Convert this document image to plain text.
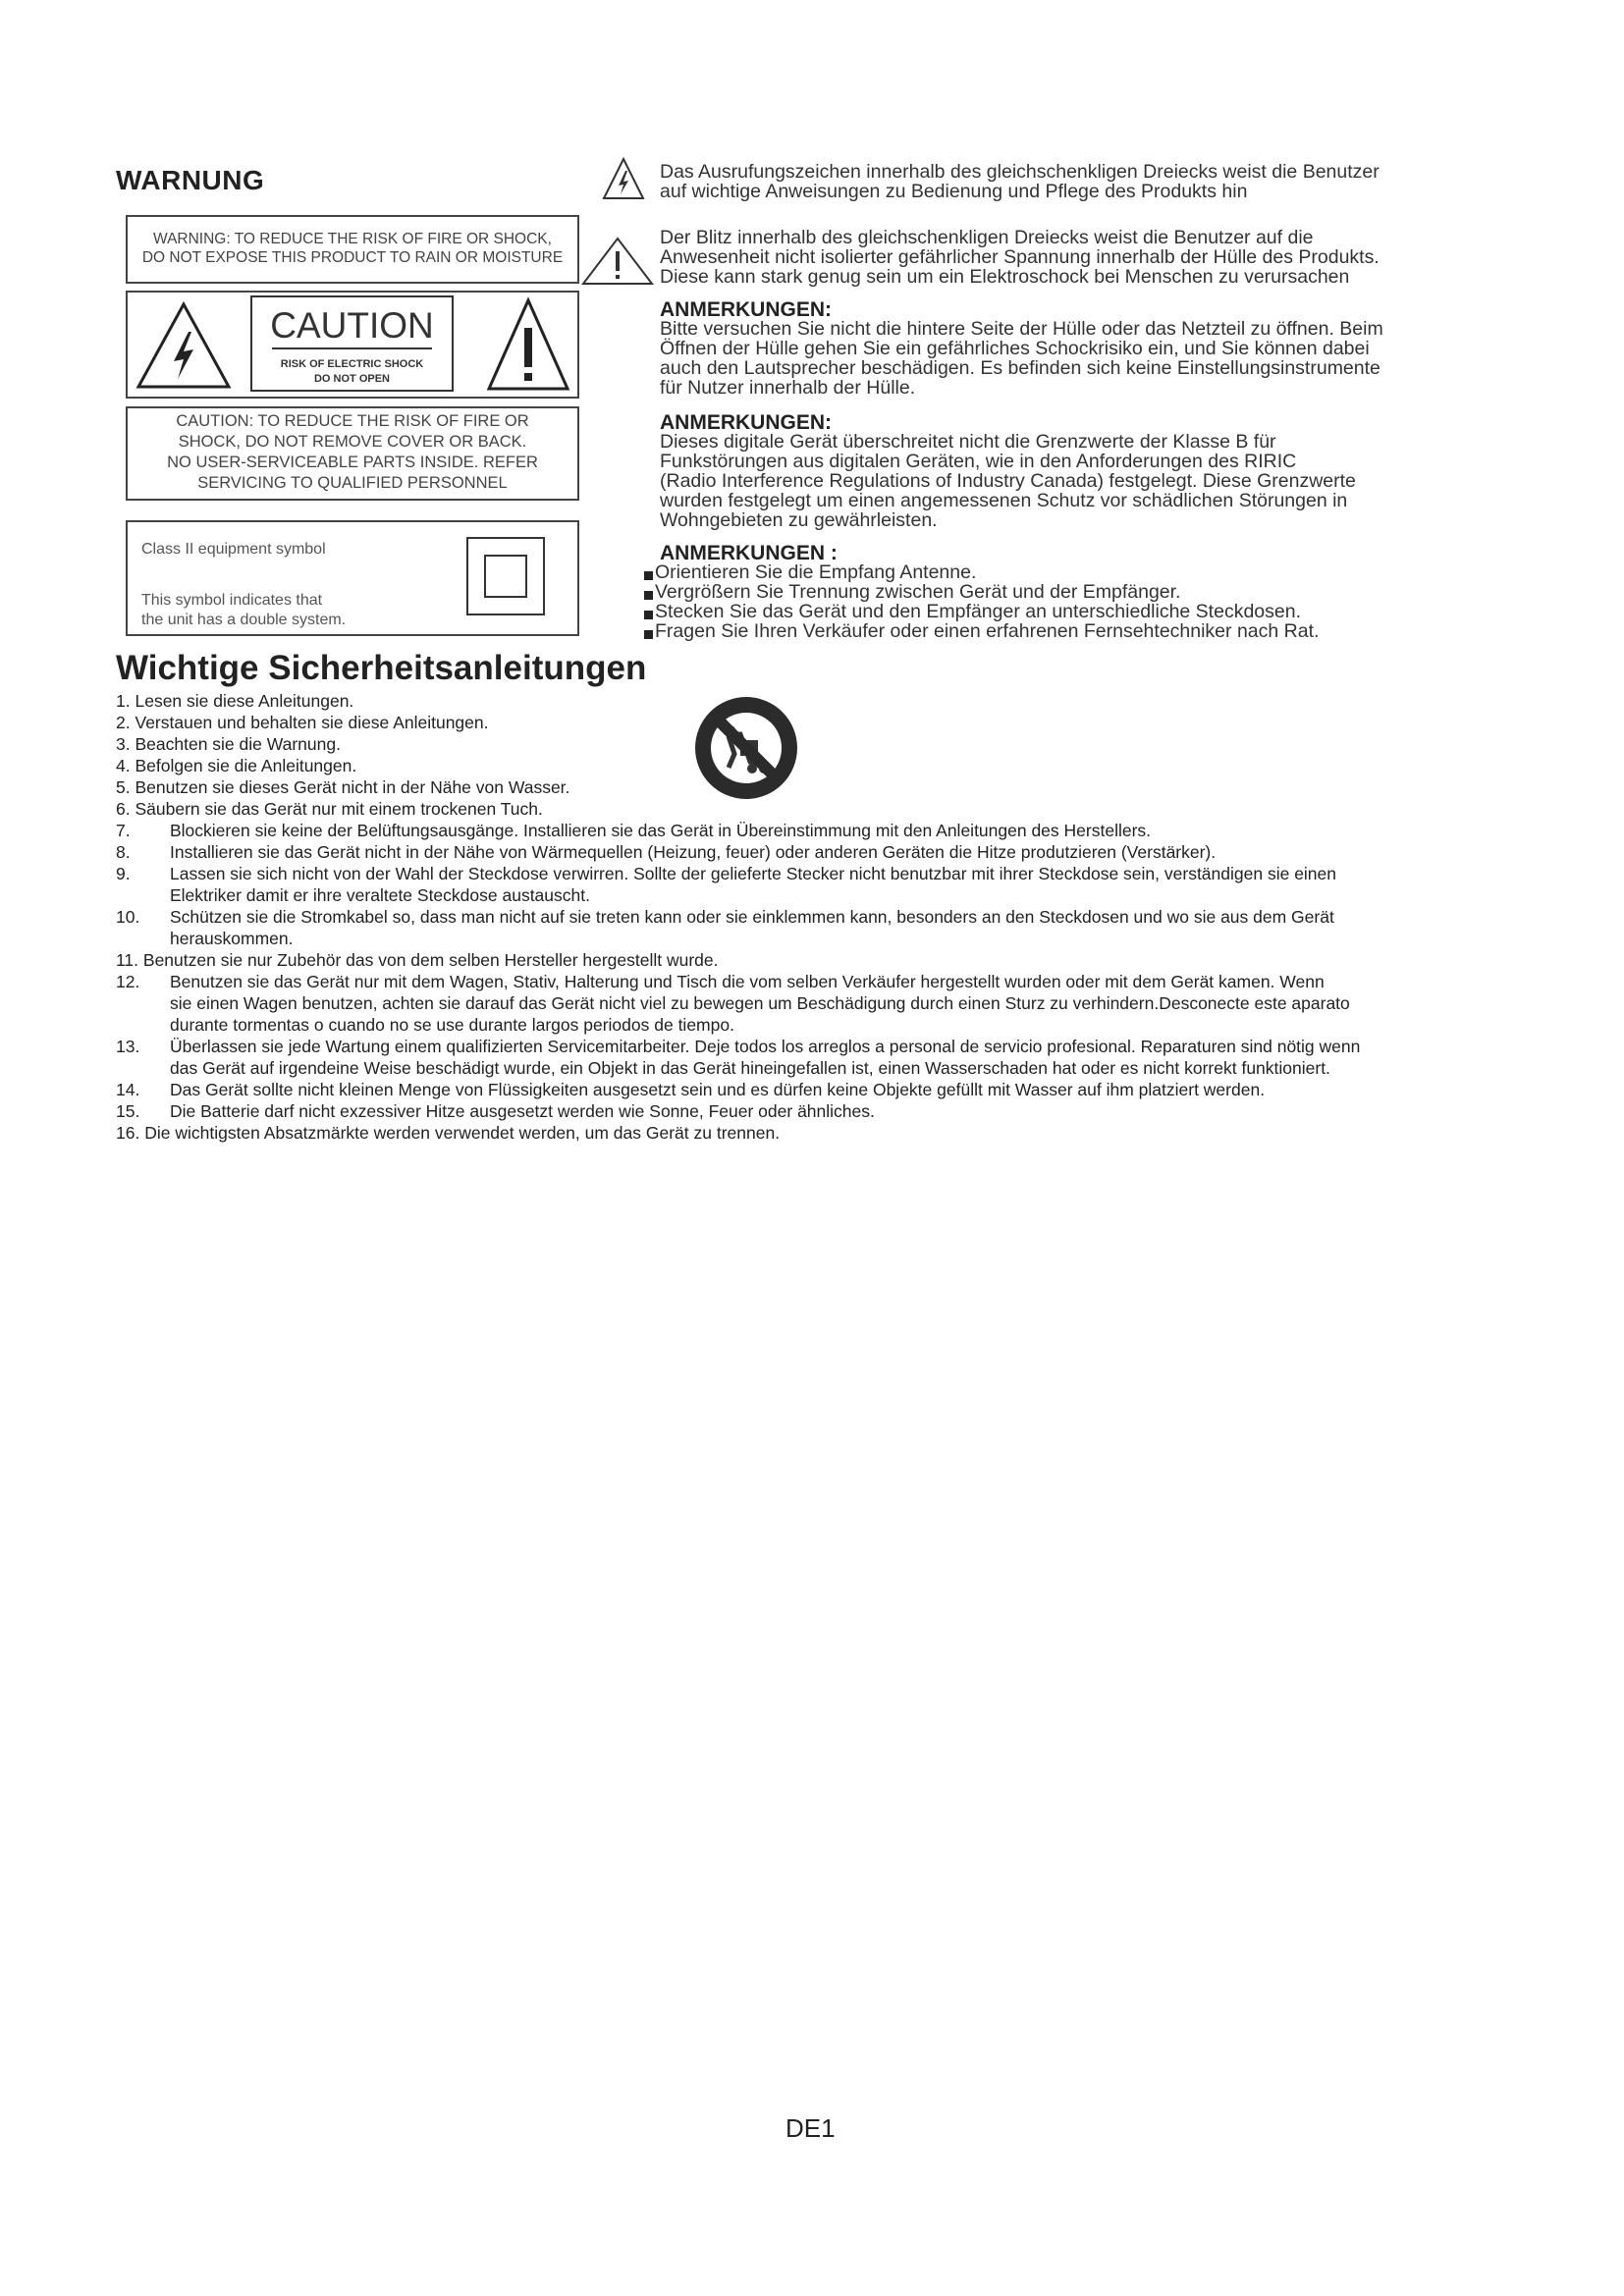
WARNUNG
WARNING: TO REDUCE THE RISK OF FIRE OR SHOCK,
DO NOT EXPOSE THIS PRODUCT TO RAIN OR MOISTURE
CAUTION
RISK OF ELECTRIC SHOCK
DO NOT OPEN
CAUTION: TO REDUCE THE RISK OF FIRE OR
SHOCK, DO NOT REMOVE COVER OR BACK.
NO USER-SERVICEABLE PARTS INSIDE. REFER
SERVICING TO QUALIFIED PERSONNEL
Class II equipment symbol
This symbol indicates that
the unit has a double system.
Das Ausrufungszeichen innerhalb des gleichschenkligen Dreiecks weist die Benutzer
auf wichtige Anweisungen zu Bedienung und Pflege des Produkts hin
Der Blitz innerhalb des gleichschenkligen Dreiecks weist die Benutzer auf die
Anwesenheit nicht isolierter gefährlicher Spannung innerhalb der Hülle des Produkts.
Diese kann stark genug sein um ein Elektroschock bei Menschen zu verursachen
ANMERKUNGEN:
Bitte versuchen Sie nicht die hintere Seite der Hülle oder das Netzteil zu öffnen. Beim
Öffnen der Hülle gehen Sie ein gefährliches Schockrisiko ein, und Sie können dabei
auch den Lautsprecher beschädigen. Es befinden sich keine Einstellungsinstrumente
für Nutzer innerhalb der Hülle.
ANMERKUNGEN:
Dieses digitale Gerät überschreitet nicht die Grenzwerte der Klasse B für
Funkstörungen aus digitalen Geräten, wie in den Anforderungen des RIRIC
(Radio Interference Regulations of Industry Canada) festgelegt. Diese Grenzwerte
wurden festgelegt um einen angemessenen Schutz vor schädlichen Störungen in
Wohngebieten zu gewährleisten.
ANMERKUNGEN :
Orientieren Sie die Empfang Antenne.
Vergrößern Sie Trennung zwischen Gerät und der Empfänger.
Stecken Sie das Gerät und den Empfänger an unterschiedliche Steckdosen.
Fragen Sie Ihren Verkäufer oder einen erfahrenen Fernsehtechniker nach Rat.
Wichtige Sicherheitsanleitungen
1. Lesen sie diese Anleitungen.
2. Verstauen und behalten sie diese Anleitungen.
3. Beachten sie die Warnung.
4. Befolgen sie die Anleitungen.
5. Benutzen sie dieses Gerät nicht in der Nähe von Wasser.
6. Säubern sie das Gerät nur mit einem trockenen Tuch.
7. Blockieren sie keine der Belüftungsausgänge. Installieren sie das Gerät in Übereinstimmung mit den Anleitungen des Herstellers.
8. Installieren sie das Gerät nicht in der Nähe von Wärmequellen (Heizung, feuer) oder anderen Geräten die Hitze produtzieren (Verstärker).
9. Lassen sie sich nicht von der Wahl der Steckdose verwirren. Sollte der gelieferte Stecker nicht benutzbar mit ihrer Steckdose sein, verständigen sie einen
Elektriker damit er ihre veraltete Steckdose austauscht.
10. Schützen sie die Stromkabel so, dass man nicht auf sie treten kann oder sie einklemmen kann, besonders an den Steckdosen und wo sie aus dem Gerät
herauskommen.
11. Benutzen sie nur Zubehör das von dem selben Hersteller hergestellt wurde.
12. Benutzen sie das Gerät nur mit dem Wagen, Stativ, Halterung und Tisch die vom selben Verkäufer hergestellt wurden oder mit dem Gerät kamen. Wenn
sie einen Wagen benutzen, achten sie darauf das Gerät nicht viel zu bewegen um Beschädigung durch einen Sturz zu verhindern.Desconecte este aparato
durante tormentas o cuando no se use durante largos periodos de tiempo.
13. Überlassen sie jede Wartung einem qualifizierten Servicemitarbeiter. Deje todos los arreglos a personal de servicio profesional. Reparaturen sind nötig wenn
das Gerät auf irgendeine Weise beschädigt wurde, ein Objekt in das Gerät hineingefallen ist, einen Wasserschaden hat oder es nicht korrekt funktioniert.
14. Das Gerät sollte nicht kleinen Menge von Flüssigkeiten ausgesetzt sein und es dürfen keine Objekte gefüllt mit Wasser auf ihm platziert werden.
15. Die Batterie darf nicht exzessiver Hitze ausgesetzt werden wie Sonne, Feuer oder ähnliches.
16. Die wichtigsten Absatzmärkte werden verwendet werden, um das Gerät zu trennen.
DE1
